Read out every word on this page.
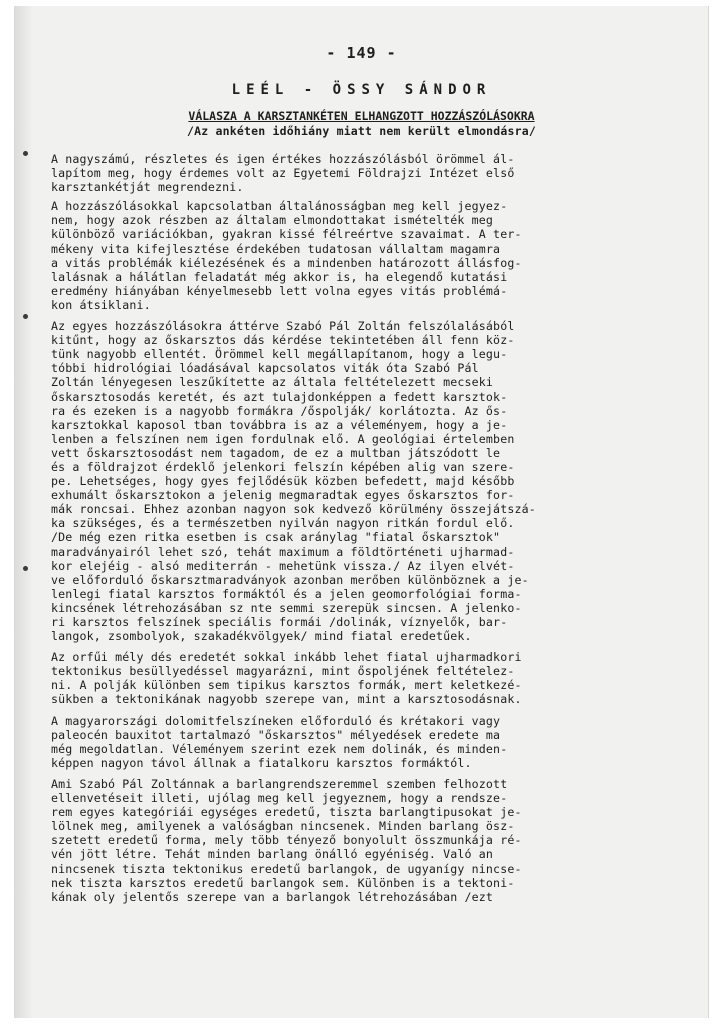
- 149 -
LEÉL - ÖSSY SÁNDOR
VÁLASZA A KARSZTANKÉTEN ELHANGZOTT HOZZÁSZÓLÁSOKRA
/Az ankéten időhiány miatt nem került elmondásra/
A nagyszámú, részletes és igen értékes hozzászólásból örömmel ál-
lapítom meg, hogy érdemes volt az Egyetemi Földrajzi Intézet első
karsztankétját megrendezni.
A hozzászólásokkal kapcsolatban általánosságban meg kell jegyez-
nem, hogy azok részben az általam elmondottakat ismételték meg
különböző variációkban, gyakran kissé félreértve szavaimat. A ter-
mékeny vita kifejlesztése érdekében tudatosan vállaltam magamra
a vitás problémák kiélezésének és a mindenben határozott állásfog-
lalásnak a hálátlan feladatát még akkor is, ha elegendő kutatási
eredmény hiányában kényelmesebb lett volna egyes vitás problémá-
kon átsiklani.
Az egyes hozzászólásokra áttérve Szabó Pál Zoltán felszólalásából
kitűnt, hogy az őskarsztos dás kérdése tekintetében áll fenn köz-
tünk nagyobb ellentét. Örömmel kell megállapítanom, hogy a legu-
tóbbi hidrológiai lóadásával kapcsolatos viták óta Szabó Pál
Zoltán lényegesen leszűkítette az általa feltételezett mecseki
őskarsztosodás keretét, és azt tulajdonképpen a fedett karsztok-
ra és ezeken is a nagyobb formákra /őspolják/ korlátozta. Az ős-
karsztokkal kaposol tban továbbra is az a véleményem, hogy a je-
lenben a felszínen nem igen fordulnak elő. A geológiai értelemben
vett őskarsztosodást nem tagadom, de ez a multban játszódott le
és a földrajzot érdeklő jelenkori felszín képében alig van szere-
pe. Lehetséges, hogy gyes fejlődésük közben befedett, majd később
exhumált őskarsztokon a jelenig megmaradtak egyes őskarsztos for-
mák roncsai. Ehhez azonban nagyon sok kedvező körülmény összejátszá-
ka szükséges, és a természetben nyilván nagyon ritkán fordul elő.
/De még ezen ritka esetben is csak aránylag "fiatal őskarsztok"
maradványairól lehet szó, tehát maximum a földtörténeti ujharmad-
kor elejéig - alsó mediterrán - mehetünk vissza./ Az ilyen elvét-
ve előforduló őskarsztmaradványok azonban merőben különböznek a je-
lenlegi fiatal karsztos formáktól és a jelen geomorfológiai forma-
kincsének létrehozásában sz nte semmi szerepük sincsen. A jelenko-
ri karsztos felszínek speciális formái /dolinák, víznyelők, bar-
langok, zsombolyok, szakadékvölgyek/ mind fiatal eredetűek.
Az orfűi mély dés eredetét sokkal inkább lehet fiatal ujharmadkori
tektonikus besüllyedéssel magyarázni, mint őspoljének feltételez-
ni. A polják különben sem tipikus karsztos formák, mert keletkezé-
sükben a tektonikának nagyobb szerepe van, mint a karsztosodásnak.
A magyarországi dolomitfelszíneken előforduló és krétakori vagy
paleocén bauxitot tartalmazó "őskarsztos" mélyedések eredete ma
még megoldatlan. Véleményem szerint ezek nem dolinák, és minden-
képpen nagyon távol állnak a fiatalkoru karsztos formáktól.
Ami Szabó Pál Zoltánnak a barlangrendszeremmel szemben felhozott
ellenvetéseit illeti, ujólag meg kell jegyeznem, hogy a rendsze-
rem egyes kategóriái egységes eredetű, tiszta barlangtipusokat je-
lölnek meg, amilyenek a valóságban nincsenek. Minden barlang ösz-
szetett eredetű forma, mely több tényező bonyolult összmunkája ré-
vén jött létre. Tehát minden barlang önálló egyéniség. Való an
nincsenek tiszta tektonikus eredetű barlangok, de ugyanígy nincse-
nek tiszta karsztos eredetű barlangok sem. Különben is a tektoni-
kának oly jelentős szerepe van a barlangok létrehozásában /ezt
